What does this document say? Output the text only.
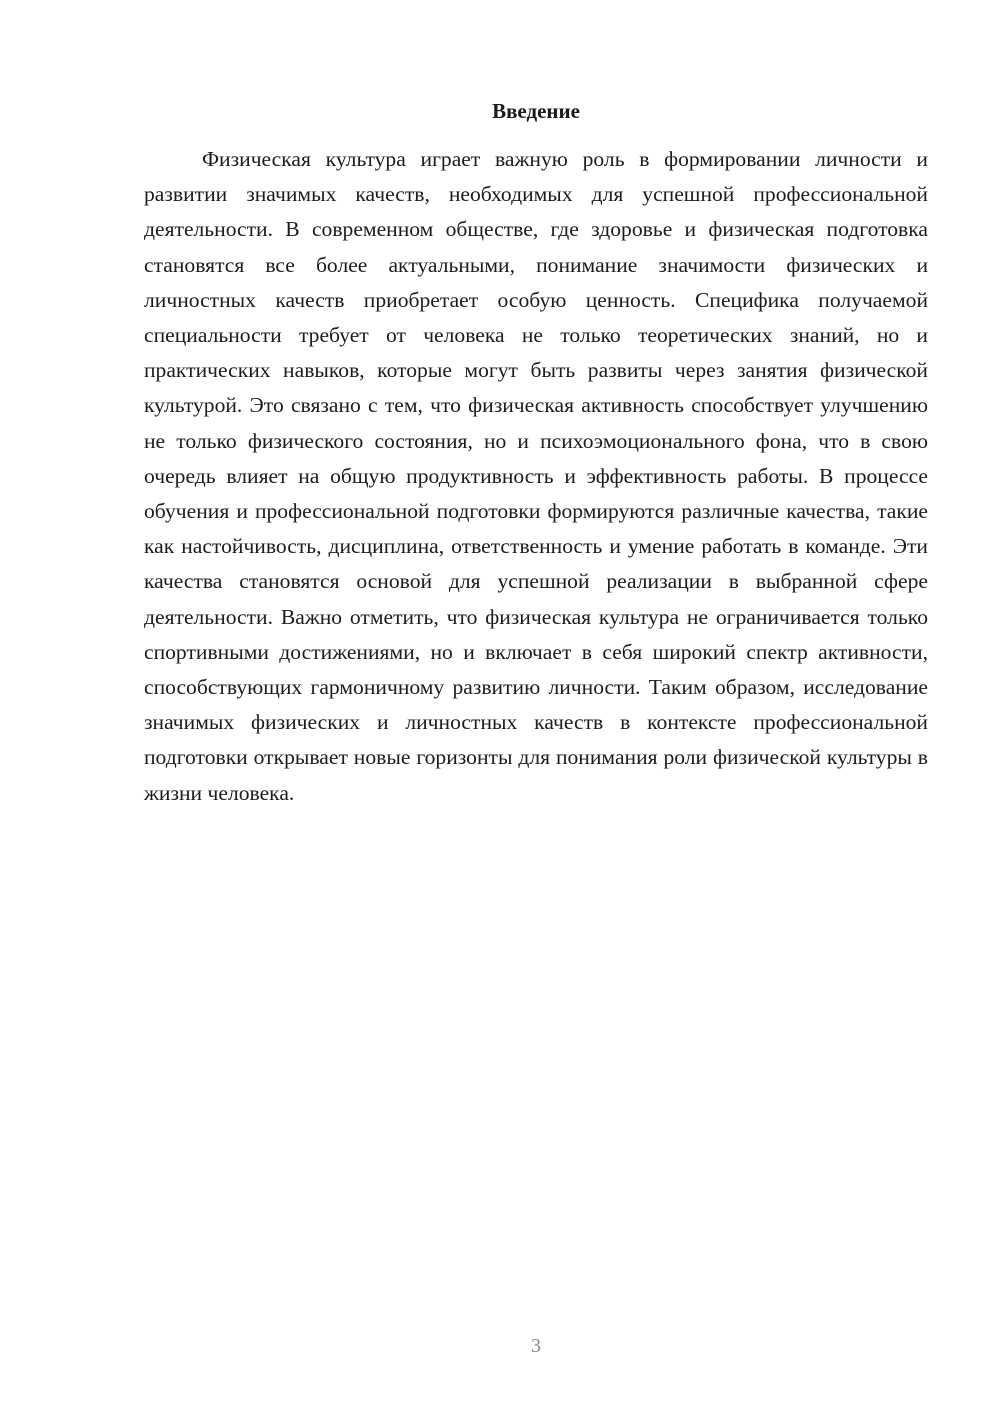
Введение

Физическая культура играет важную роль в формировании личности и развитии значимых качеств, необходимых для успешной профессиональной деятельности. В современном обществе, где здоровье и физическая подготовка становятся все более актуальными, понимание значимости физических и личностных качеств приобретает особую ценность. Специфика получаемой специальности требует от человека не только теоретических знаний, но и практических навыков, которые могут быть развиты через занятия физической культурой. Это связано с тем, что физическая активность способствует улучшению не только физического состояния, но и психоэмоционального фона, что в свою очередь влияет на общую продуктивность и эффективность работы. В процессе обучения и профессиональной подготовки формируются различные качества, такие как настойчивость, дисциплина, ответственность и умение работать в команде. Эти качества становятся основой для успешной реализации в выбранной сфере деятельности. Важно отметить, что физическая культура не ограничивается только спортивными достижениями, но и включает в себя широкий спектр активности, способствующих гармоничному развитию личности. Таким образом, исследование значимых физических и личностных качеств в контексте профессиональной подготовки открывает новые горизонты для понимания роли физической культуры в жизни человека.

3
